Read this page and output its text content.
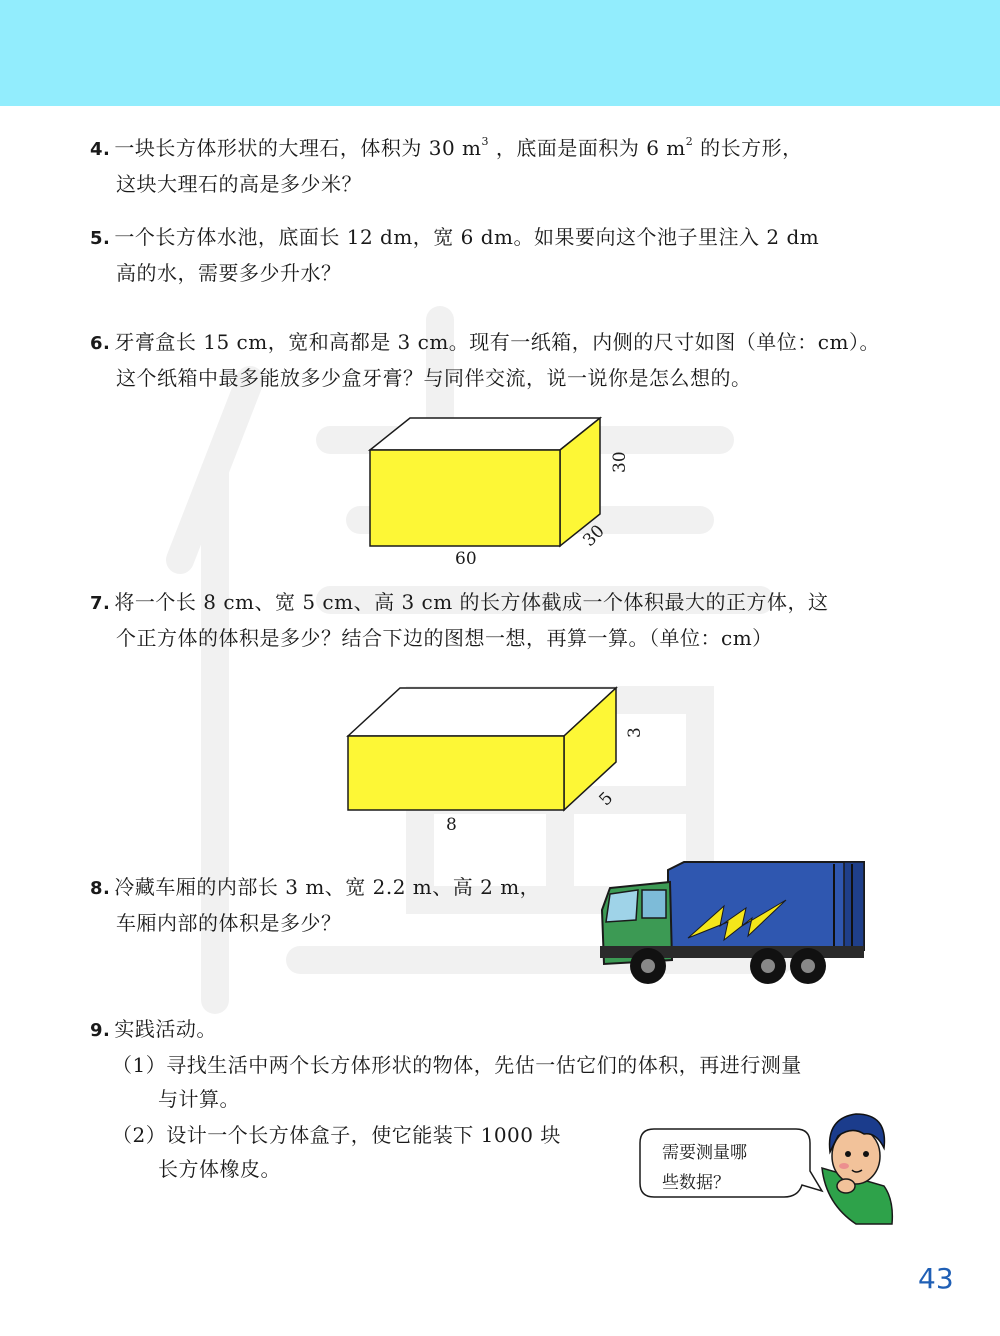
4. 一块长方体形状的大理石，体积为 30 $m^3$ ，底面是面积为 6 $m^2$ 的长方形，
这块大理石的高是多少米？
5. 一个长方体水池，底面长 12 dm，宽 6 dm。如果要向这个池子里注入 2 dm
高的水，需要多少升水？
6. 牙膏盒长 15 cm，宽和高都是 3 cm。现有一纸箱，内侧的尺寸如图（单位：cm）。
这个纸箱中最多能放多少盒牙膏？与同伴交流，说一说你是怎么想的。
60
30
30
7. 将一个长 8 cm、宽 5 cm、高 3 cm 的长方体截成一个体积最大的正方体，这
个正方体的体积是多少？结合下边的图想一想，再算一算。（单位：cm）
8
3
5
8. 冷藏车厢的内部长 3 m、宽 2.2 m、高 2 m，
车厢内部的体积是多少？
9. 实践活动。
（1）寻找生活中两个长方体形状的物体，先估一估它们的体积，再进行测量
与计算。
（2）设计一个长方体盒子，使它能装下 1000 块
长方体橡皮。
需要测量哪
些数据？
43
